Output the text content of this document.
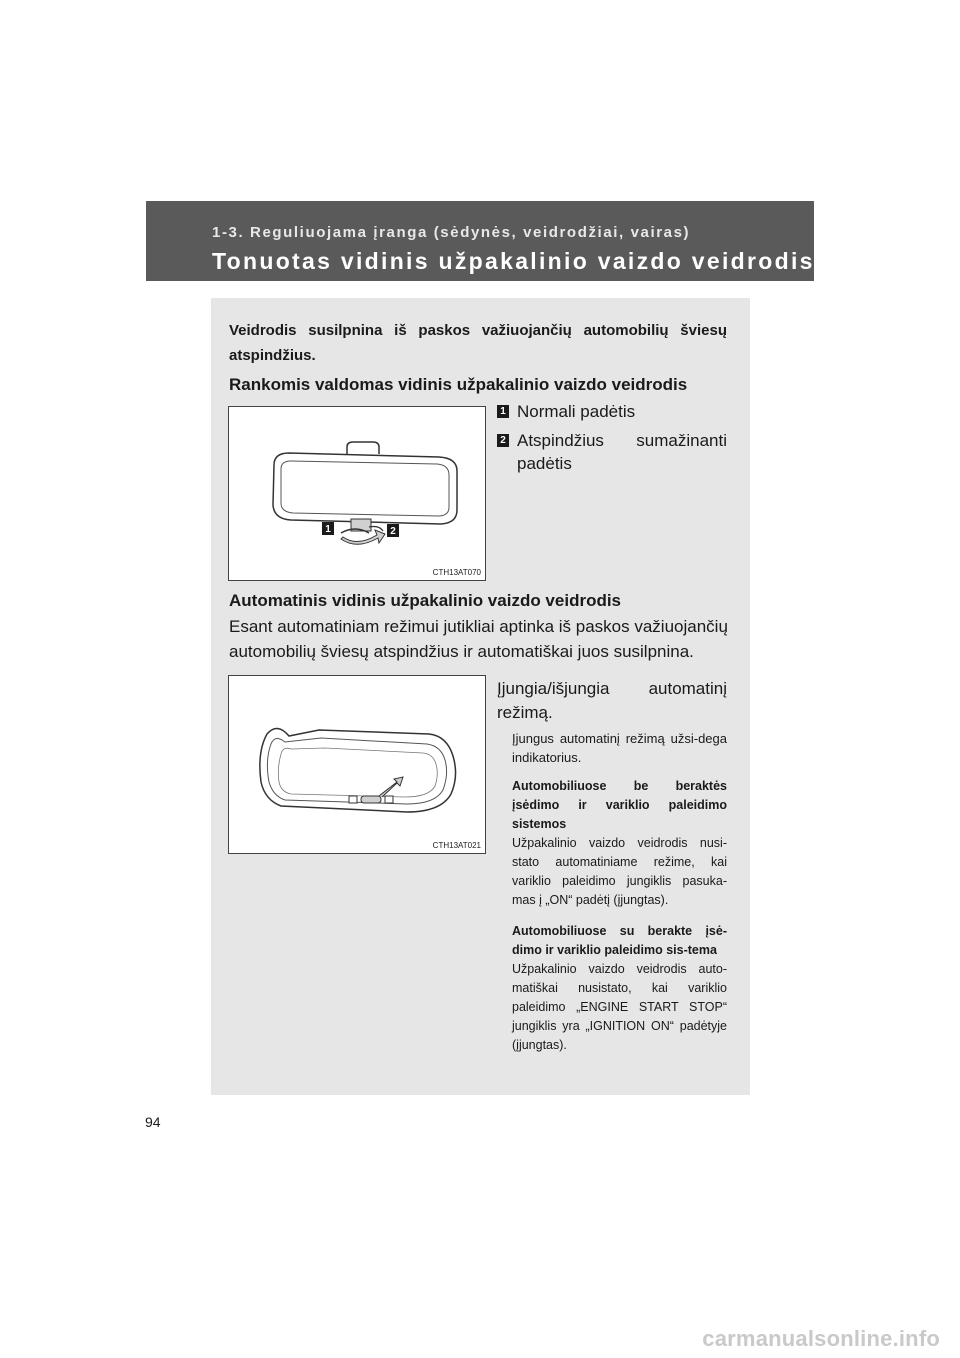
1-3. Reguliuojama įranga (sėdynės, veidrodžiai, vairas)
Tonuotas vidinis užpakalinio vaizdo veidrodis
Veidrodis susilpnina iš paskos važiuojančių automobilių šviesų atspindžius.
Rankomis valdomas vidinis užpakalinio vaizdo veidrodis
1	2
CTH13AT070
1 Normali padėtis
2 Atspindžius sumažinanti
padėtis
Automatinis vidinis užpakalinio vaizdo veidrodis
Esant automatiniam režimui jutikliai aptinka iš paskos važiuojančių automobilių šviesų atspindžius ir automatiškai juos susilpnina.
CTH13AT021
Įjungia/išjungia automatinį
režimą.

Įjungus automatinį režimą užsi-dega indikatorius.

Automobiliuose be beraktės įsėdimo ir variklio paleidimo sistemos

Užpakalinio vaizdo veidrodis nusi-stato automatiniame režime, kai variklio paleidimo jungiklis pasuka-mas į „ON“ padėtį (įjungtas).

Automobiliuose su berakte įsė-dimo ir variklio paleidimo sis-tema

Užpakalinio vaizdo veidrodis auto-matiškai nusistato, kai variklio paleidimo „ENGINE START STOP“ jungiklis yra „IGNITION ON“ padėtyje (įjungtas).

94
carmanualsonline.info
